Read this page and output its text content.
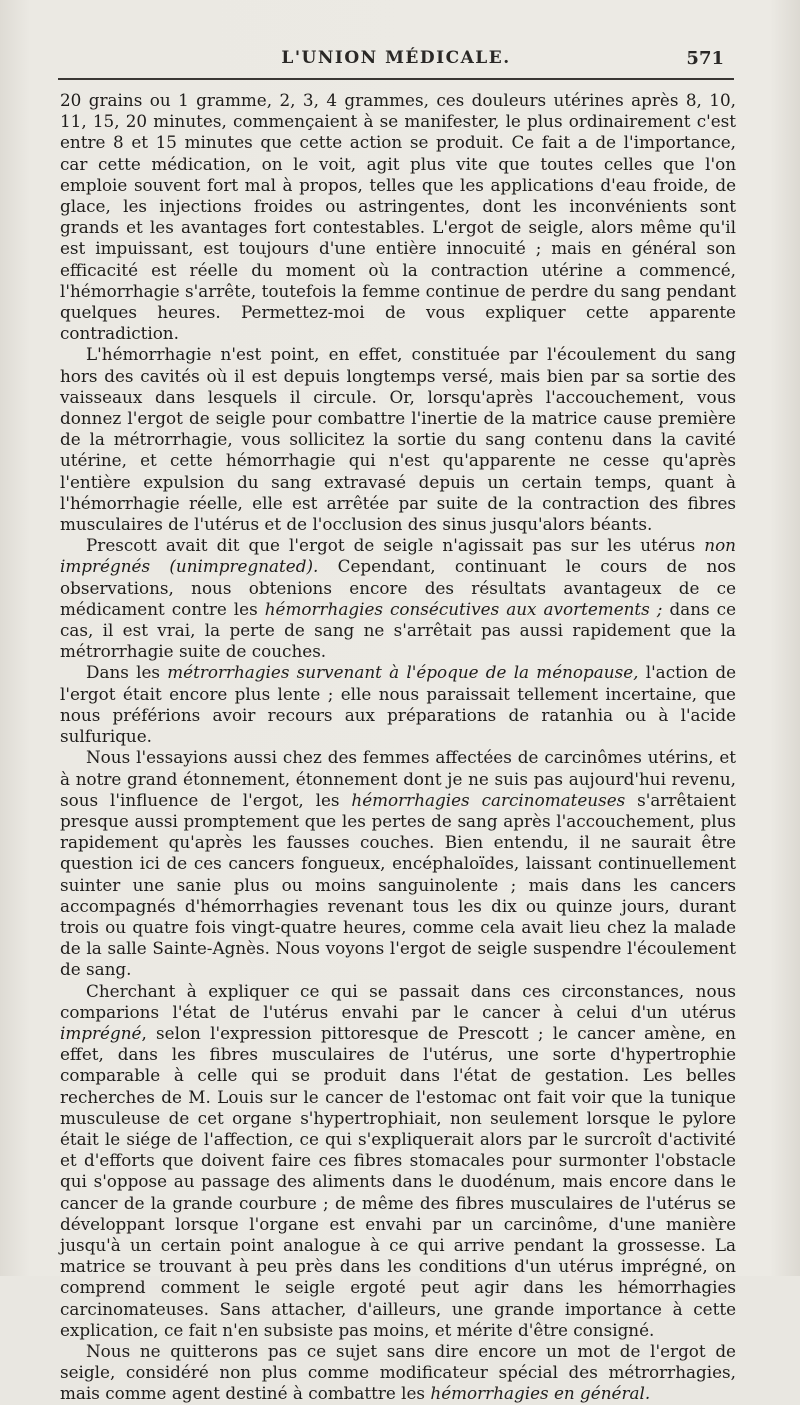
L'UNION MÉDICALE.	571

20 grains ou 1 gramme, 2, 3, 4 grammes, ces douleurs utérines après 8, 10, 11, 15, 20 minutes, commençaient à se manifester, le plus ordinairement c'est entre 8 et 15 minutes que cette action se produit. Ce fait a de l'importance, car cette médication, on le voit, agit plus vite que toutes celles que l'on emploie souvent fort mal à propos, telles que les applications d'eau froide, de glace, les injections froides ou astringentes, dont les inconvénients sont grands et les avantages fort contestables. L'ergot de seigle, alors même qu'il est impuissant, est toujours d'une entière innocuité ; mais en général son efficacité est réelle du moment où la contraction utérine a commencé, l'hémorrhagie s'arrête, toutefois la femme continue de perdre du sang pendant quelques heures. Permettez-moi de vous expliquer cette apparente contradiction.

L'hémorrhagie n'est point, en effet, constituée par l'écoulement du sang hors des cavités où il est depuis longtemps versé, mais bien par sa sortie des vaisseaux dans lesquels il circule. Or, lorsqu'après l'accouchement, vous donnez l'ergot de seigle pour combattre l'inertie de la matrice cause première de la métrorrhagie, vous sollicitez la sortie du sang contenu dans la cavité utérine, et cette hémorrhagie qui n'est qu'apparente ne cesse qu'après l'entière expulsion du sang extravasé depuis un certain temps, quant à l'hémorrhagie réelle, elle est arrêtée par suite de la contraction des fibres musculaires de l'utérus et de l'occlusion des sinus jusqu'alors béants.

Prescott avait dit que l'ergot de seigle n'agissait pas sur les utérus non imprégnés (unimpregnated). Cependant, continuant le cours de nos observations, nous obtenions encore des résultats avantageux de ce médicament contre les hémorrhagies consécutives aux avortements ; dans ce cas, il est vrai, la perte de sang ne s'arrêtait pas aussi rapidement que la métrorrhagie suite de couches.

Dans les métrorrhagies survenant à l'époque de la ménopause, l'action de l'ergot était encore plus lente ; elle nous paraissait tellement incertaine, que nous préférions avoir recours aux préparations de ratanhia ou à l'acide sulfurique.

Nous l'essayions aussi chez des femmes affectées de carcinômes utérins, et à notre grand étonnement, étonnement dont je ne suis pas aujourd'hui revenu, sous l'influence de l'ergot, les hémorrhagies carcinomateuses s'arrêtaient presque aussi promptement que les pertes de sang après l'accouchement, plus rapidement qu'après les fausses couches. Bien entendu, il ne saurait être question ici de ces cancers fongueux, encéphaloïdes, laissant continuellement suinter une sanie plus ou moins sanguinolente ; mais dans les cancers accompagnés d'hémorrhagies revenant tous les dix ou quinze jours, durant trois ou quatre fois vingt-quatre heures, comme cela avait lieu chez la malade de la salle Sainte-Agnès. Nous voyons l'ergot de seigle suspendre l'écoulement de sang.

Cherchant à expliquer ce qui se passait dans ces circonstances, nous comparions l'état de l'utérus envahi par le cancer à celui d'un utérus imprégné, selon l'expression pittoresque de Prescott ; le cancer amène, en effet, dans les fibres musculaires de l'utérus, une sorte d'hypertrophie comparable à celle qui se produit dans l'état de gestation. Les belles recherches de M. Louis sur le cancer de l'estomac ont fait voir que la tunique musculeuse de cet organe s'hypertrophiait, non seulement lorsque le pylore était le siége de l'affection, ce qui s'expliquerait alors par le surcroît d'activité et d'efforts que doivent faire ces fibres stomacales pour surmonter l'obstacle qui s'oppose au passage des aliments dans le duodénum, mais encore dans le cancer de la grande courbure ; de même des fibres musculaires de l'utérus se développant lorsque l'organe est envahi par un carcinôme, d'une manière jusqu'à un certain point analogue à ce qui arrive pendant la grossesse. La matrice se trouvant à peu près dans les conditions d'un utérus imprégné, on comprend comment le seigle ergoté peut agir dans les hémorrhagies carcinomateuses. Sans attacher, d'ailleurs, une grande importance à cette explication, ce fait n'en subsiste pas moins, et mérite d'être consigné.

Nous ne quitterons pas ce sujet sans dire encore un mot de l'ergot de seigle, considéré non plus comme modificateur spécial des métrorrhagies, mais comme agent destiné à combattre les hémorrhagies en général.
